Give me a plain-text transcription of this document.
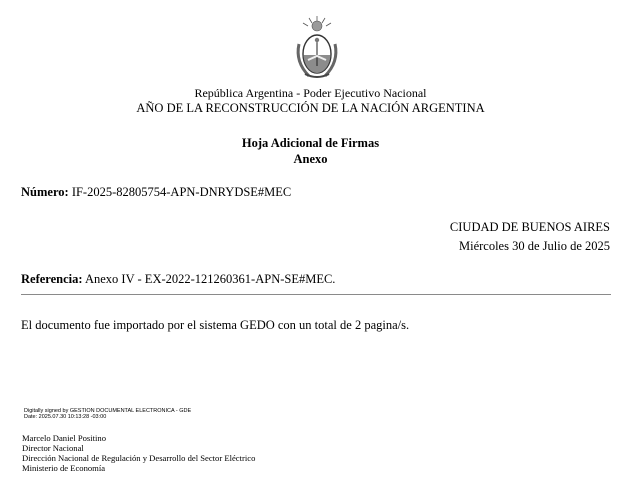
República Argentina - Poder Ejecutivo Nacional
AÑO DE LA RECONSTRUCCIÓN DE LA NACIÓN ARGENTINA
Hoja Adicional de Firmas
Anexo
Número: IF-2025-82805754-APN-DNRYDSE#MEC
CIUDAD DE BUENOS AIRES
Miércoles 30 de Julio de 2025
Referencia: Anexo IV - EX-2022-121260361-APN-SE#MEC.
El documento fue importado por el sistema GEDO con un total de 2 pagina/s.
Digitally signed by GESTION DOCUMENTAL ELECTRONICA - GDE
Date: 2025.07.30 10:13:28 -03:00
Marcelo Daniel Positino
Director Nacional
Dirección Nacional de Regulación y Desarrollo del Sector Eléctrico
Ministerio de Economía
